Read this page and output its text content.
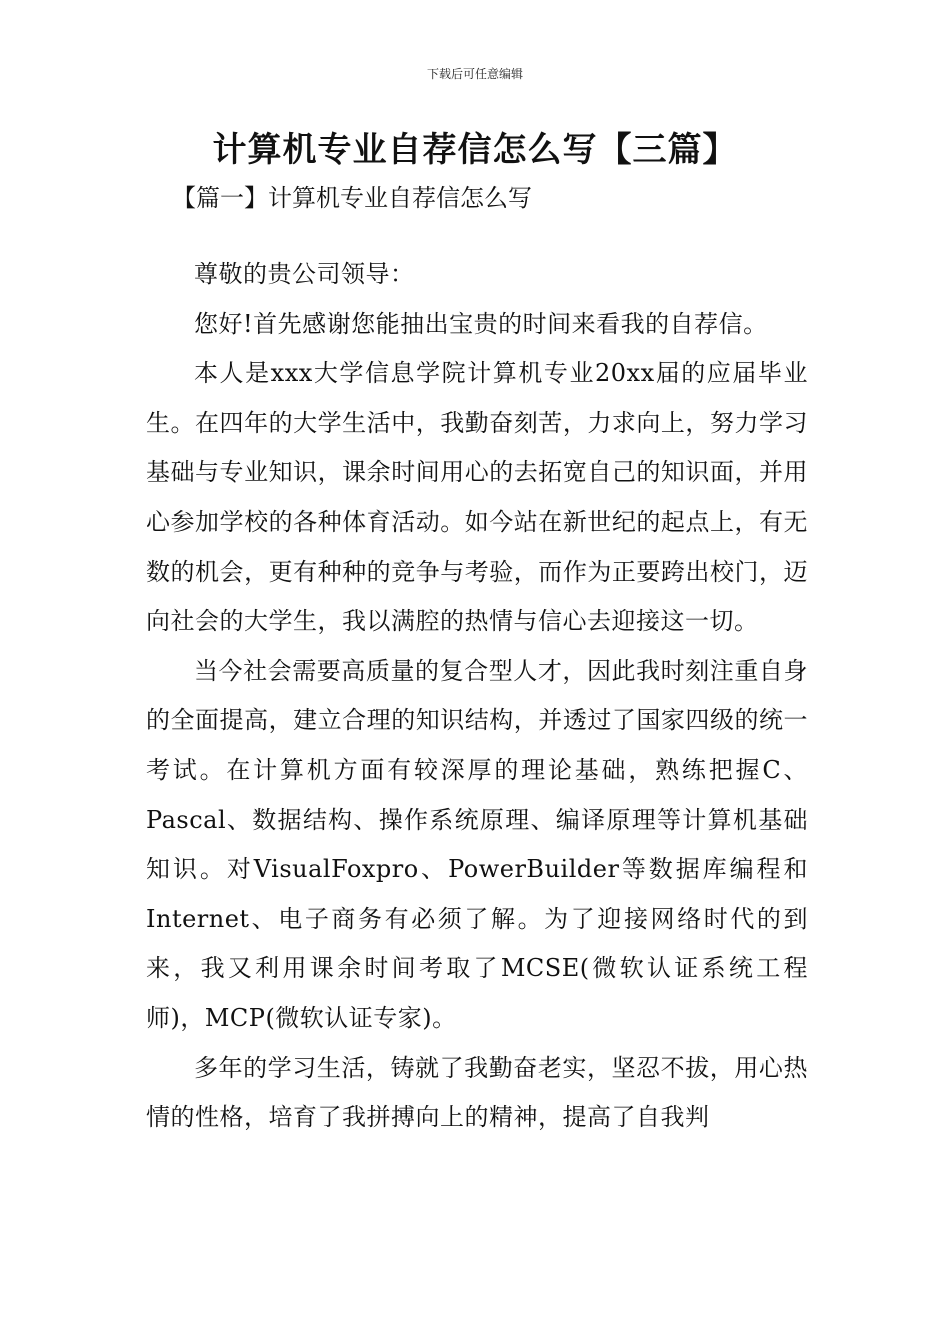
下载后可任意编辑
计算机专业自荐信怎么写【三篇】
【篇一】计算机专业自荐信怎么写

尊敬的贵公司领导：

您好!首先感谢您能抽出宝贵的时间来看我的自荐信。

本人是xxx大学信息学院计算机专业20xx届的应届毕业生。在四年的大学生活中，我勤奋刻苦，力求向上，努力学习基础与专业知识，课余时间用心的去拓宽自己的知识面，并用心参加学校的各种体育活动。如今站在新世纪的起点上，有无数的机会，更有种种的竞争与考验，而作为正要跨出校门，迈向社会的大学生，我以满腔的热情与信心去迎接这一切。

当今社会需要高质量的复合型人才，因此我时刻注重自身的全面提高，建立合理的知识结构，并透过了国家四级的统一考试。在计算机方面有较深厚的理论基础，熟练把握C、Pascal、数据结构、操作系统原理、编译原理等计算机基础知识。对VisualFoxpro、PowerBuilder等数据库编程和Internet、电子商务有必须了解。为了迎接网络时代的到来，我又利用课余时间考取了MCSE(微软认证系统工程师)，MCP(微软认证专家)。

多年的学习生活，铸就了我勤奋老实，坚忍不拔，用心热情的性格，培育了我拼搏向上的精神，提高了自我判
